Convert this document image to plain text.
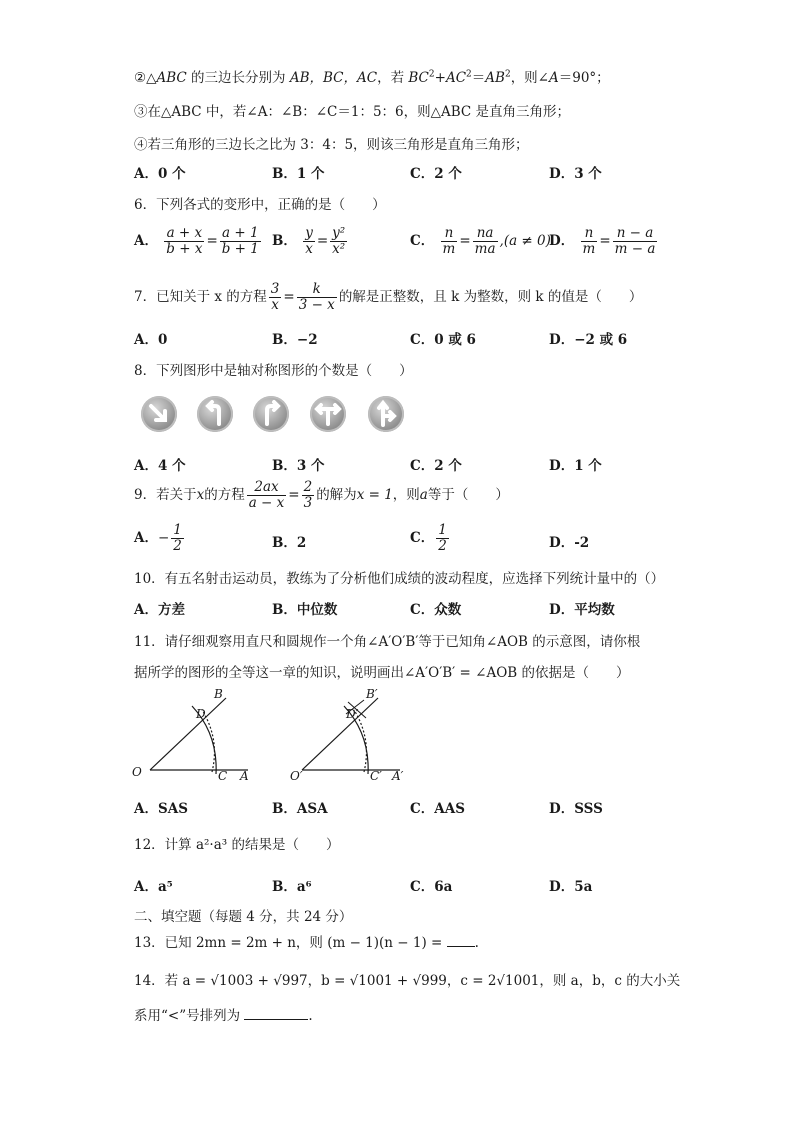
②△ABC 的三边长分别为 AB，BC，AC，若 $BC^2+AC^2=AB^2$，则∠A＝90°；
③在△ABC 中，若∠A：∠B：∠C＝1：5：6，则△ABC 是直角三角形；
④若三角形的三边长之比为 3：4：5，则该三角形是直角三角形；
A．0 个	B．1 个	C．2 个	D．3 个
6．下列各式的变形中，正确的是（　　）
A． $\frac{a + x}{b + x} = \frac{a + 1}{b + 1}$ B． $\frac{y}{x} = \frac{\text{y²}}{\text{x²}}$	C． $\frac{n}{m} = \frac{na}{ma} ,(a \ne 0)$
D． $\frac{n}{m} = \frac{n - a}{m - a}$
7．已知关于 x 的方程 $\frac{3}{x} = \frac{k}{3 - x}$ 的解是正整数，且 k 为整数，则 k 的值是（　　）
A．0	B．−2	C．0 或 6	D．−2 或 6
8．下列图形中是轴对称图形的个数是（　　）
A．4 个	B．3 个	C．2 个	D．1 个
9．若关于x的方程 $\frac{2ax}{a - x} = \frac{2}{3}$ 的解为x = 1，则a等于（　　）
A．− $\frac{1}{2}$	B．2	C． $\frac{1}{2}$	D．-2
10．有五名射击运动员，教练为了分析他们成绩的波动程度，应选择下列统计量中的（）
A．方差	B．中位数	C．众数	D．平均数
11．请仔细观察用直尺和圆规作一个角∠A′O′B′等于已知角∠AOB 的示意图，请你根
据所学的图形的全等这一章的知识，说明画出∠A′O′B′ = ∠AOB 的依据是（　　）
O
B
D
C A	O′
B′
D′
C′ A′
A．SAS	B．ASA	C．AAS	D．SSS
12．计算 a²·a³ 的结果是（　　）
A．a⁵	B．a⁶	C．6a	D．5a
二、填空题（每题 4 分，共 24 分）
13．已知 2mn = 2m + n，则 (m − 1)(n − 1) = .
14．若 a = √1003 + √997，b = √1001 + √999，c = 2√1001，则 a，b，c 的大小关
系用“<”号排列为	.
